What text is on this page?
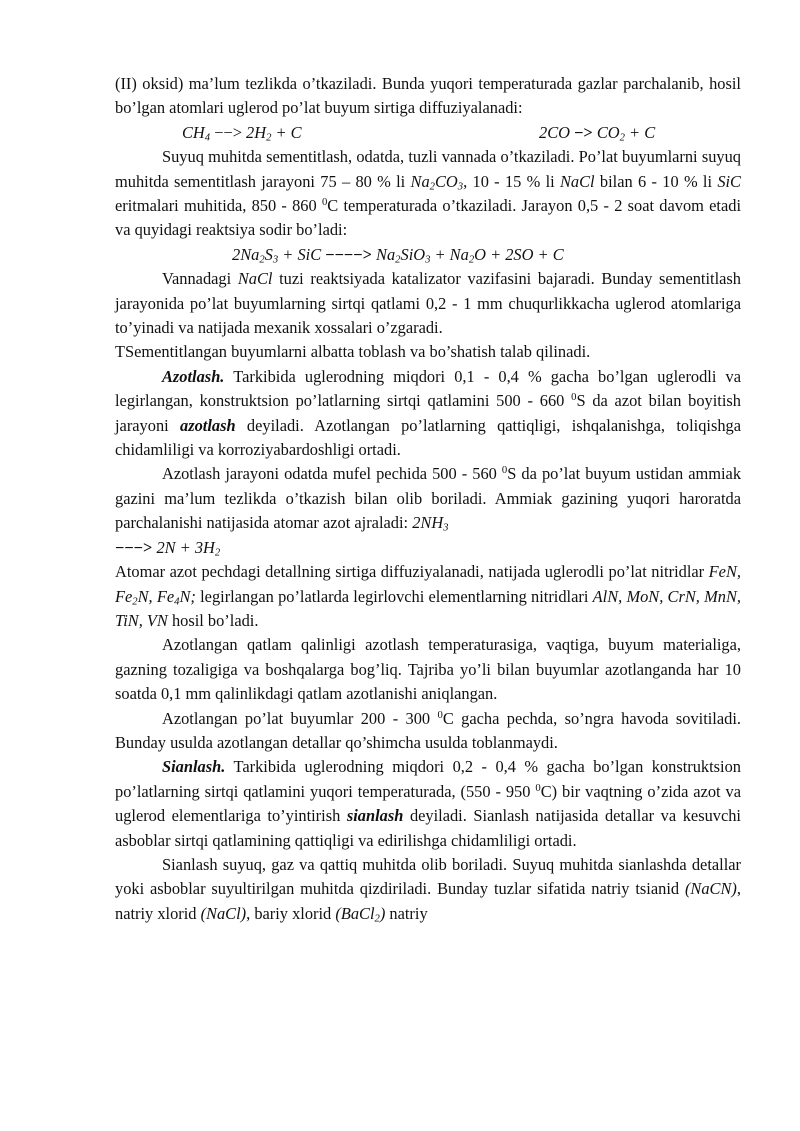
(II) oksid) ma’lum tezlikda o’tkaziladi. Bunda yuqori temperaturada gazlar parchalanib, hosil bo’lgan atomlari uglerod po’lat buyum sirtiga diffuziyalanadi:

$CH_4$ −−> $2H_2 + C$	$2CO -> CO_2 + C$

Suyuq muhitda sementitlash, odatda, tuzli vannada o’tkaziladi. Po’lat buyumlarni suyuq muhitda sementitlash jarayoni 75 – 80 % li $Na_2CO_3$, 10 - 15 % li NaCl bilan 6 - 10 % li SiC eritmalari muhitida, 850 - 860 $^0$C temperaturada o’tkaziladi. Jarayon 0,5 - 2 soat davom etadi va quyidagi reaktsiya sodir bo’ladi:

$2Na_2S_3$ + SiC −−−−> $Na_2SiO_3 + Na_2O + 2SO + C$

Vannadagi NaCl tuzi reaktsiyada katalizator vazifasini bajaradi. Bunday sementitlash jarayonida po’lat buyumlarning sirtqi qatlami 0,2 - 1 mm chuqurlikkacha uglerod atomlariga to’yinadi va natijada mexanik xossalari o’zgaradi.

TSementitlangan buyumlarni albatta toblash va bo’shatish talab qilinadi.

Azotlash. Tarkibida uglerodning miqdori 0,1 - 0,4 % gacha bo’lgan uglerodli va legirlangan, konstruktsion po’latlarning sirtqi qatlamini 500 - 660 $^0$S da azot bilan boyitish jarayoni azotlash deyiladi. Azotlangan po’latlarning qattiqligi, ishqalanishga, toliqishga chidamliligi va korroziyabardoshligi ortadi.

Azotlash jarayoni odatda mufel pechida 500 - 560 $^0$S da po’lat buyum ustidan ammiak gazini ma’lum tezlikda o’tkazish bilan olib boriladi. Ammiak gazining yuqori haroratda parchalanishi natijasida atomar azot ajraladi: $2NH_3$
−−−> $2N + 3H_2$

Atomar azot pechdagi detallning sirtiga diffuziyalanadi, natijada uglerodli po’lat nitridlar FeN, $Fe_2N$, $Fe_4N$; legirlangan po’latlarda legirlovchi elementlarning nitridlari AlN, MoN, CrN, MnN, TiN, VN hosil bo’ladi.

Azotlangan qatlam qalinligi azotlash temperaturasiga, vaqtiga, buyum materialiga, gazning tozaligiga va boshqalarga bog’liq. Tajriba yo’li bilan buyumlar azotlanganda har 10 soatda 0,1 mm qalinlikdagi qatlam azotlanishi aniqlangan.

Azotlangan po’lat buyumlar 200 - 300 $^0$C gacha pechda, so’ngra havoda sovitiladi. Bunday usulda azotlangan detallar qo’shimcha usulda toblanmaydi.

Sianlash. Tarkibida uglerodning miqdori 0,2 - 0,4 % gacha bo’lgan konstruktsion po’latlarning sirtqi qatlamini yuqori temperaturada, (550 - 950 $^0$C) bir vaqtning o’zida azot va uglerod elementlariga to’yintirish sianlash deyiladi. Sianlash natijasida detallar va kesuvchi asboblar sirtqi qatlamining qattiqligi va edirilishga chidamliligi ortadi.

Sianlash suyuq, gaz va qattiq muhitda olib boriladi. Suyuq muhitda sianlashda detallar yoki asboblar suyultirilgan muhitda qizdiriladi. Bunday tuzlar sifatida natriy tsianid (NaCN), natriy xlorid (NaCl), bariy xlorid (BaCl$_2$) natriy
